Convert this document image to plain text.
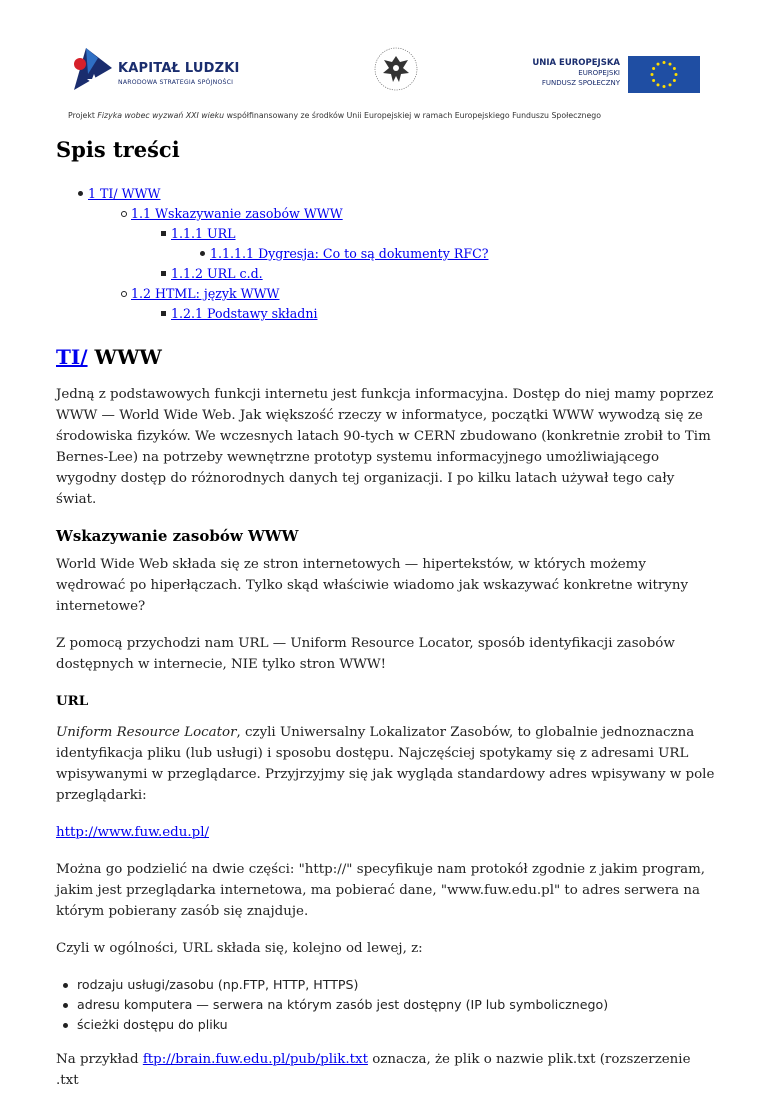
KAPITAŁ LUDZKI
NARODOWA STRATEGIA SPÓJNOŚCI
UNIA EUROPEJSKA
EUROPEJSKI
FUNDUSZ SPOŁECZNY
Projekt Fizyka wobec wyzwań XXI wieku współfinansowany ze środków Unii Europejskiej w ramach Europejskiego Funduszu Społecznego
Spis treści
1 TI/ WWW
1.1 Wskazywanie zasobów WWW
1.1.1 URL
1.1.1.1 Dygresja: Co to są dokumenty RFC?
1.1.2 URL c.d.
1.2 HTML: język WWW
1.2.1 Podstawy składni
TI/ WWW

Jedną z podstawowych funkcji internetu jest funkcja informacyjna. Dostęp do niej mamy poprzez WWW — World Wide Web. Jak większość rzeczy w informatyce, początki WWW wywodzą się ze środowiska fizyków. We wczesnych latach 90-tych w CERN zbudowano (konkretnie zrobił to Tim Bernes-Lee) na potrzeby wewnętrzne prototyp systemu informacyjnego umożliwiającego wygodny dostęp do różnorodnych danych tej organizacji. I po kilku latach używał tego cały świat.

Wskazywanie zasobów WWW

World Wide Web składa się ze stron internetowych — hipertekstów, w których możemy wędrować po hiperłączach. Tylko skąd właściwie wiadomo jak wskazywać konkretne witryny internetowe?

Z pomocą przychodzi nam URL — Uniform Resource Locator, sposób identyfikacji zasobów dostępnych w internecie, NIE tylko stron WWW!

URL

Uniform Resource Locator, czyli Uniwersalny Lokalizator Zasobów, to globalnie jednoznaczna identyfikacja pliku (lub usługi) i sposobu dostępu. Najczęściej spotykamy się z adresami URL wpisywanymi w przeglądarce. Przyjrzyjmy się jak wygląda standardowy adres wpisywany w pole przeglądarki:

http://www.fuw.edu.pl/

Można go podzielić na dwie części: "http://" specyfikuje nam protokół zgodnie z jakim program, jakim jest przeglądarka internetowa, ma pobierać dane, "www.fuw.edu.pl" to adres serwera na którym pobierany zasób się znajduje.

Czyli w ogólności, URL składa się, kolejno od lewej, z:

rodzaju usługi/zasobu (np.FTP, HTTP, HTTPS)
adresu komputera — serwera na którym zasób jest dostępny (IP lub symbolicznego)
ścieżki dostępu do pliku

Na przykład ftp://brain.fuw.edu.pl/pub/plik.txt oznacza, że plik o nazwie plik.txt (rozszerzenie .txt
